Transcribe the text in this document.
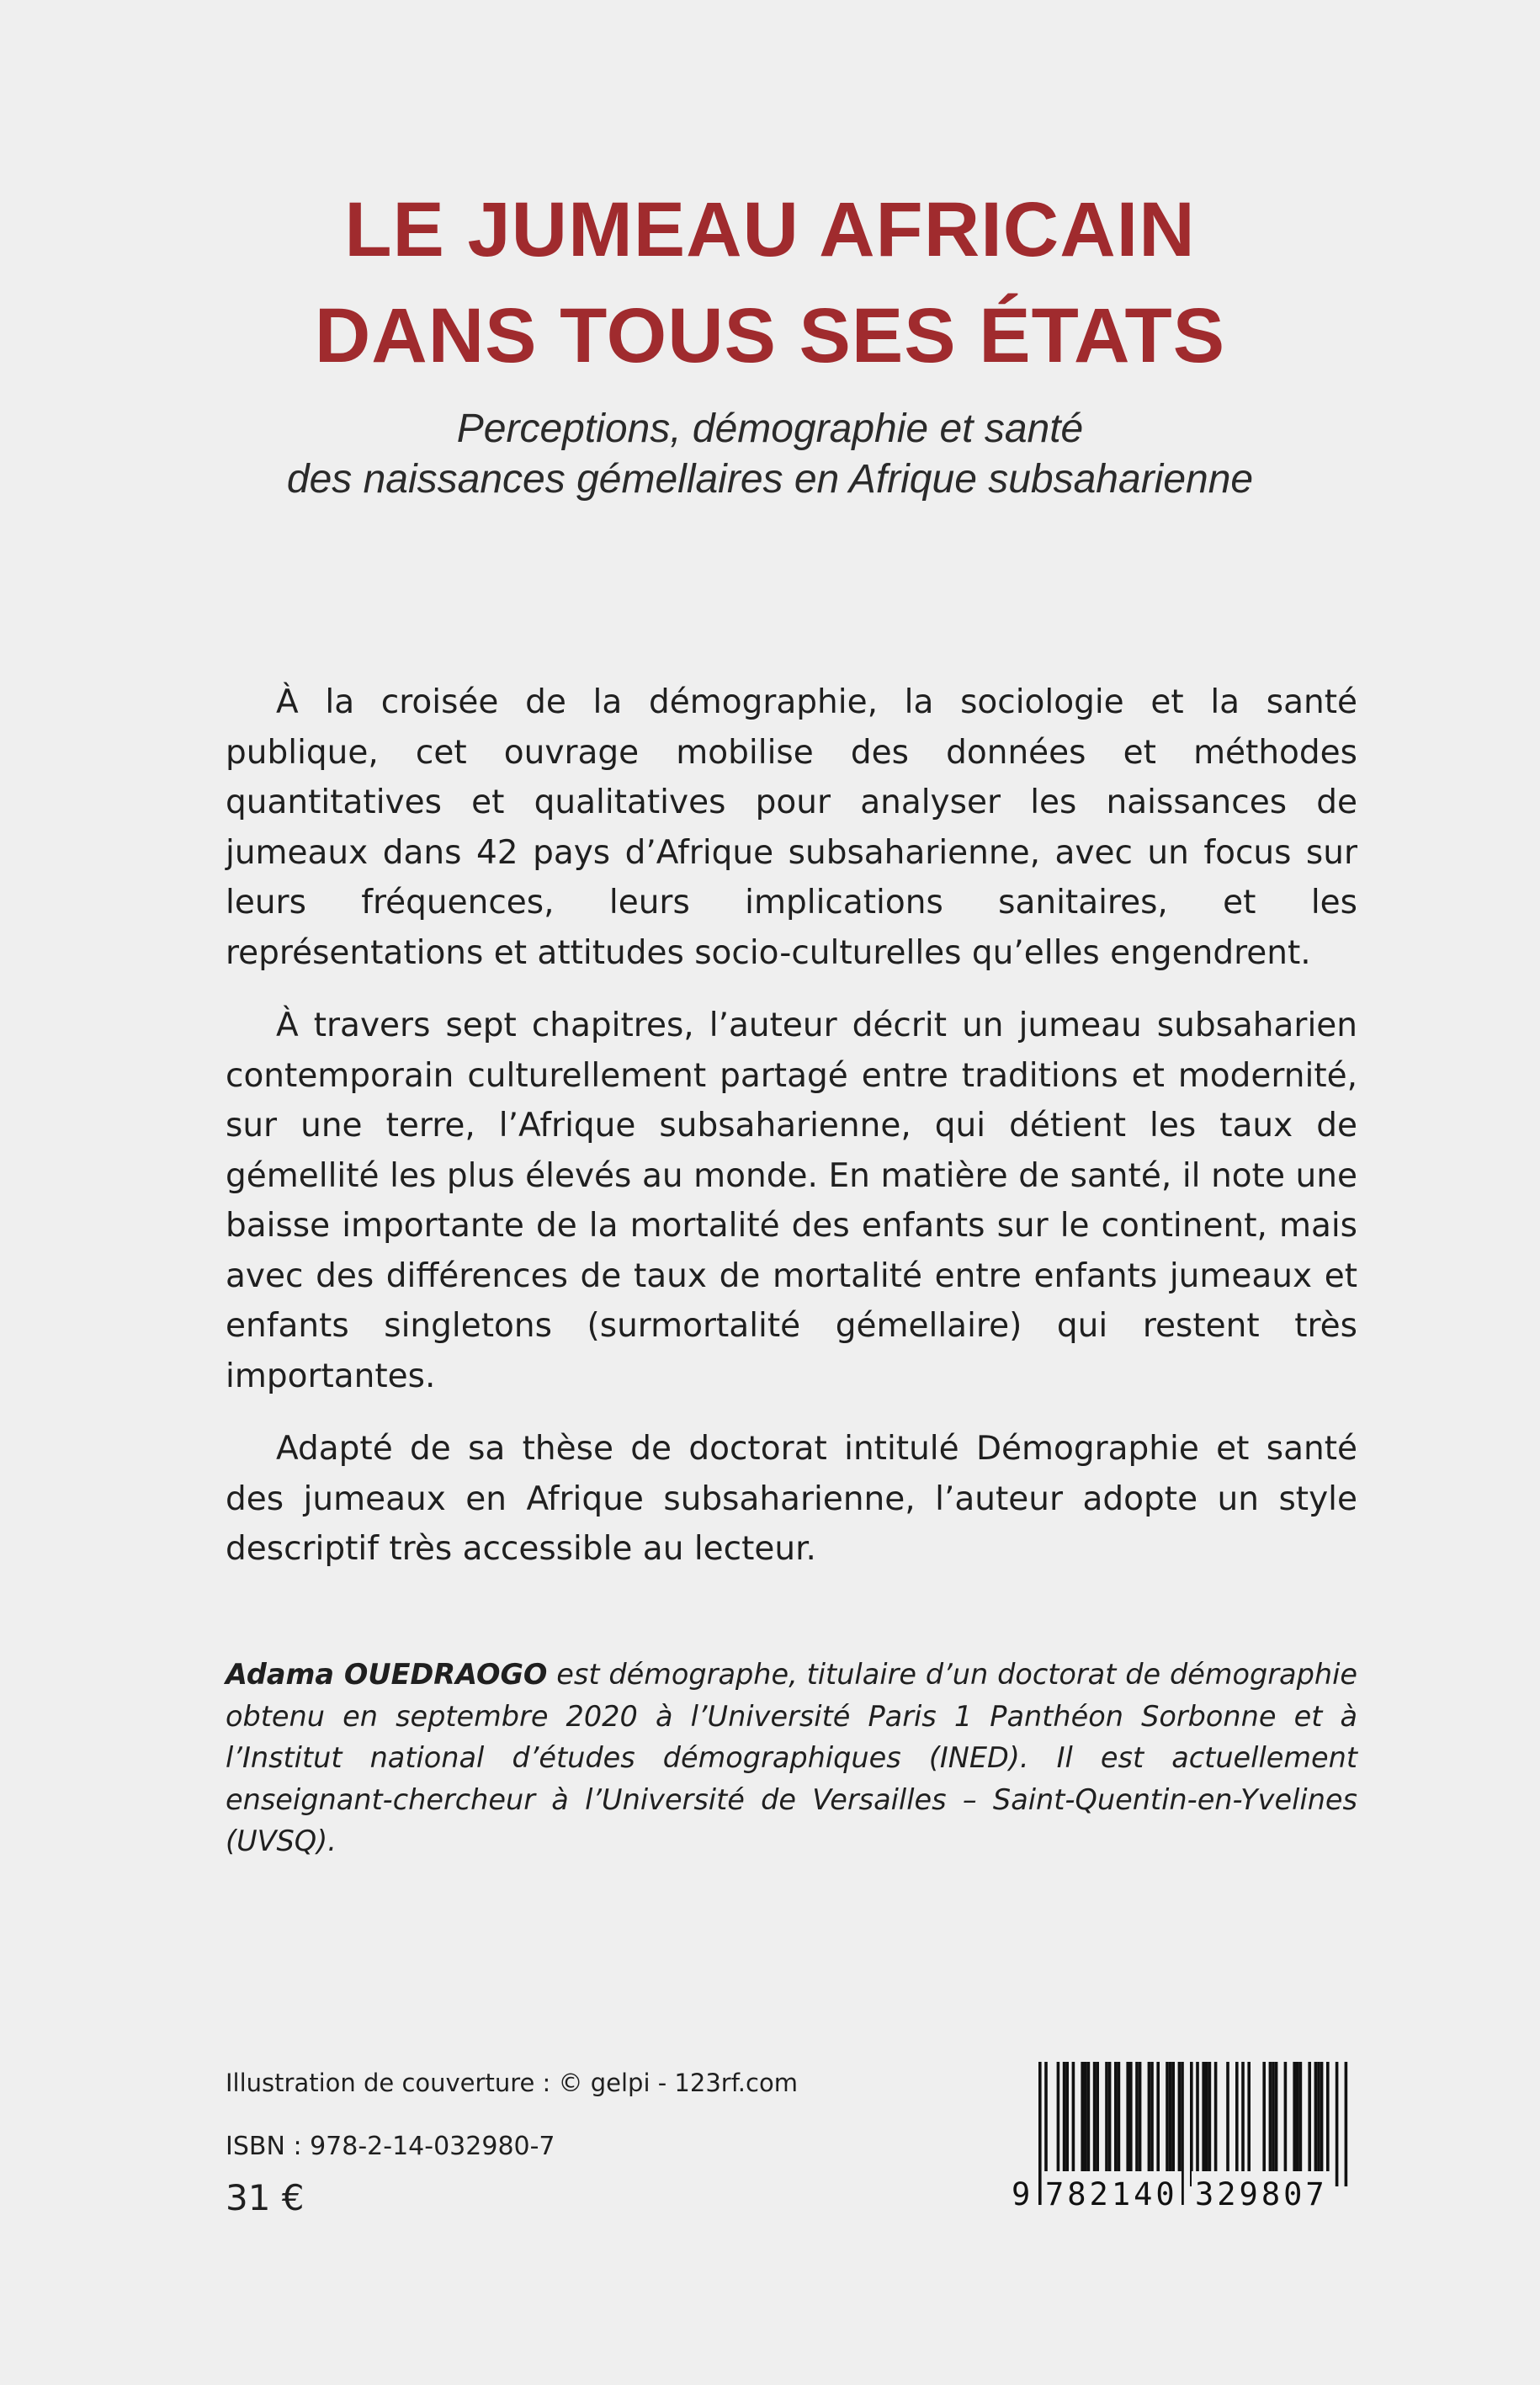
LE JUMEAU AFRICAIN
DANS TOUS SES ÉTATS
Perceptions, démographie et santé
des naissances gémellaires en Afrique subsaharienne

À la croisée de la démographie, la sociologie et la santé publique, cet ouvrage mobilise des données et méthodes quantitatives et qualitatives pour analyser les naissances de jumeaux dans 42 pays d’Afrique subsaharienne, avec un focus sur leurs fréquences, leurs implications sanitaires, et les représentations et attitudes socio-culturelles qu’elles engendrent.

À travers sept chapitres, l’auteur décrit un jumeau subsaharien contemporain culturellement partagé entre traditions et modernité, sur une terre, l’Afrique subsaharienne, qui détient les taux de gémellité les plus élevés au monde. En matière de santé, il note une baisse importante de la mortalité des enfants sur le continent, mais avec des différences de taux de mortalité entre enfants jumeaux et enfants singletons (surmortalité gémellaire) qui restent très importantes.

Adapté de sa thèse de doctorat intitulé Démographie et santé des jumeaux en Afrique subsaharienne, l’auteur adopte un style descriptif très accessible au lecteur.

Adama OUEDRAOGO est démographe, titulaire d’un doctorat de démographie obtenu en septembre 2020 à l’Université Paris 1 Panthéon Sorbonne et à l’Institut national d’études démographiques (INED). Il est actuellement enseignant-chercheur à l’Université de Versailles – Saint-Quentin-en-Yvelines (UVSQ).
Illustration de couverture : © gelpi - 123rf.com
ISBN : 978-2-14-032980-7
31 €	9 782140 329807
